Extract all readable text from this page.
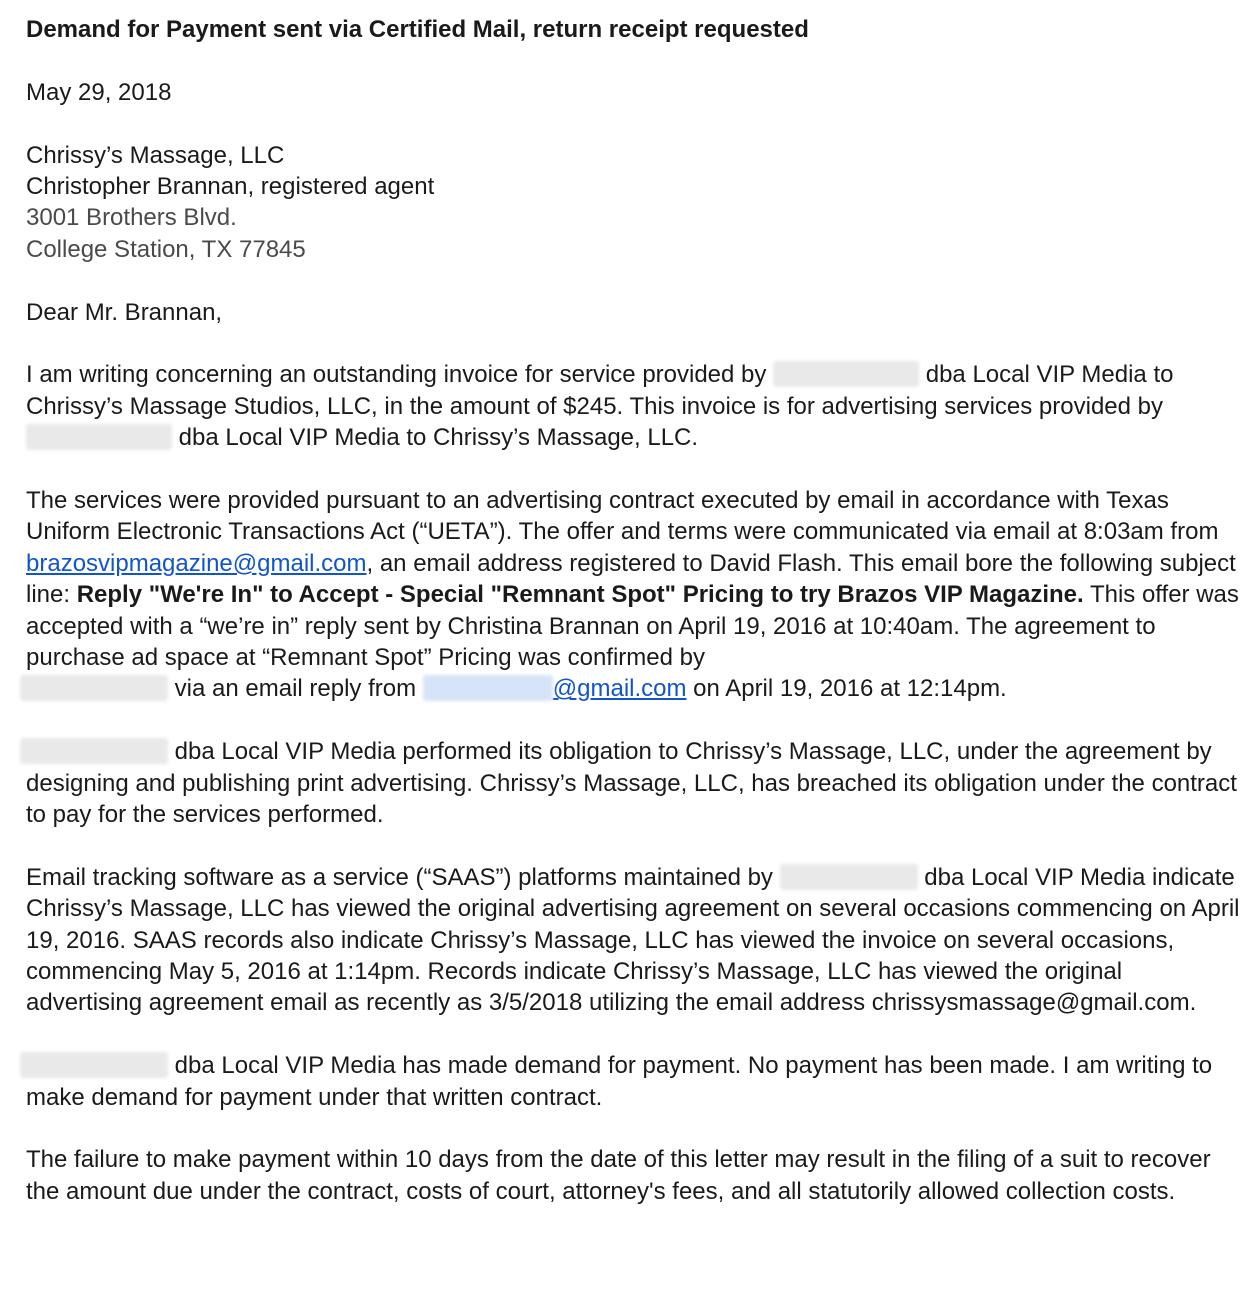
Demand for Payment sent via Certified Mail, return receipt requested

May 29, 2018

Chrissy’s Massage, LLC
Christopher Brannan, registered agent
3001 Brothers Blvd.
College Station, TX 77845

Dear Mr. Brannan,

I am writing concerning an outstanding invoice for service provided by	dba Local VIP Media to Chrissy’s Massage Studios, LLC, in the amount of $245. This invoice is for advertising services provided by  dba Local VIP Media to Chrissy’s Massage, LLC.

The services were provided pursuant to an advertising contract executed by email in accordance with Texas Uniform Electronic Transactions Act (“UETA”). The offer and terms were communicated via email at 8:03am from brazosvipmagazine@gmail.com, an email address registered to David Flash. This email bore the following subject line: Reply "We're In" to Accept - Special "Remnant Spot" Pricing to try Brazos VIP Magazine. This offer was accepted with a “we’re in” reply sent by Christina Brannan on April 19, 2016 at 10:40am. The agreement to purchase ad space at “Remnant Spot” Pricing was confirmed by
via an email reply from	@gmail.com on April 19, 2016 at 12:14pm.

dba Local VIP Media performed its obligation to Chrissy’s Massage, LLC, under the agreement by designing and publishing print advertising. Chrissy’s Massage, LLC, has breached its obligation under the contract to pay for the services performed.

Email tracking software as a service (“SAAS”) platforms maintained by	dba Local VIP Media indicate Chrissy’s Massage, LLC has viewed the original advertising agreement on several occasions commencing on April 19, 2016. SAAS records also indicate Chrissy’s Massage, LLC has viewed the invoice on several occasions, commencing May 5, 2016 at 1:14pm. Records indicate Chrissy’s Massage, LLC has viewed the original advertising agreement email as recently as 3/5/2018 utilizing the email address chrissysmassage@gmail.com.

dba Local VIP Media has made demand for payment. No payment has been made. I am writing to make demand for payment under that written contract.

The failure to make payment within 10 days from the date of this letter may result in the filing of a suit to recover the amount due under the contract, costs of court, attorney's fees, and all statutorily allowed collection costs.
